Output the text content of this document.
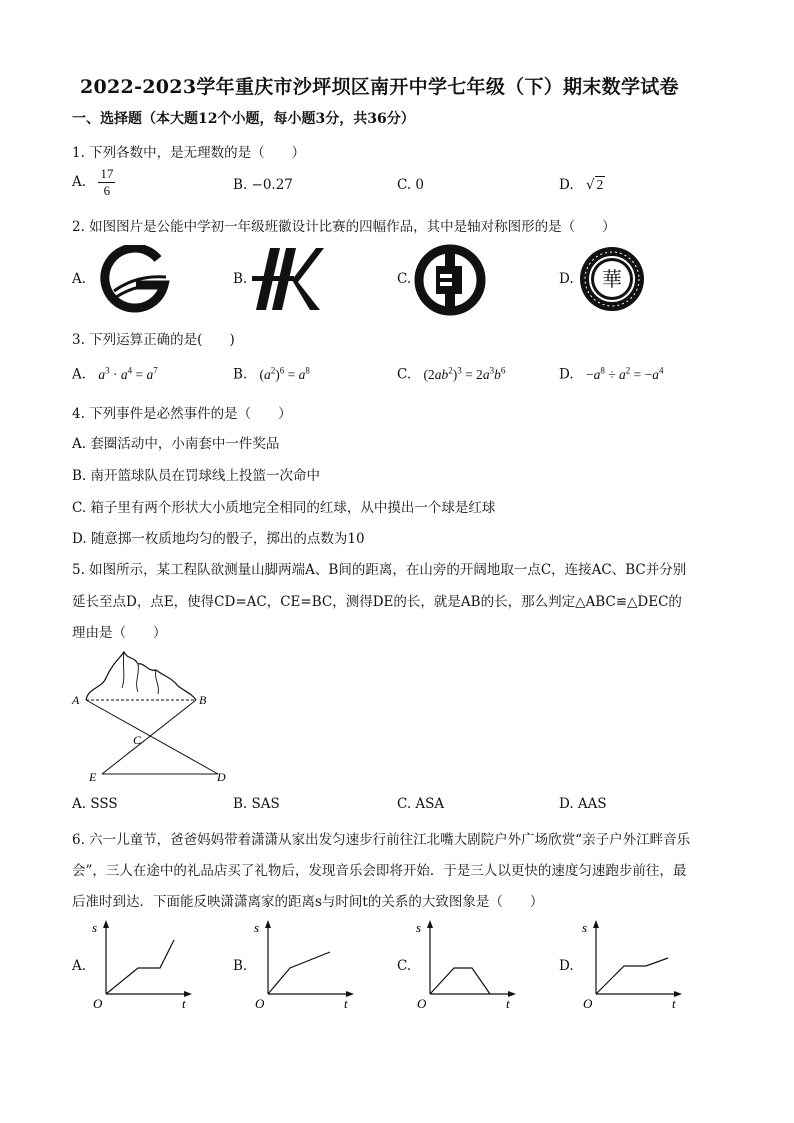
2022-2023学年重庆市沙坪坝区南开中学七年级（下）期末数学试卷
一、选择题（本大题12个小题，每小题3分，共36分）
1. 下列各数中，是无理数的是（　　）
A. $\frac{17}{6}$	B. −0.27	C. 0	D. √ 2
2. 如图图片是公能中学初一年级班徽设计比赛的四幅作品，其中是轴对称图形的是（　　）
A.	B.	C.	D. 華
3. 下列运算正确的是(　　)
A. $a^3 \cdot a^4 = a^7$	B. $(a^2)^6 = a^8$	C. $(2ab^2)^3 = 2a^3b^6$	D. $-a^8 \div a^2 = -a^4$
4. 下列事件是必然事件的是（　　）
A. 套圈活动中，小南套中一件奖品
B. 南开篮球队员在罚球线上投篮一次命中
C. 箱子里有两个形状大小质地完全相同的红球，从中摸出一个球是红球
D. 随意掷一枚质地均匀的骰子，掷出的点数为10
5. 如图所示，某工程队欲测量山脚两端A、B间的距离，在山旁的开阔地取一点C，连接AC、BC并分别
延长至点D，点E，使得CD=AC，CE=BC，测得DE的长，就是AB的长，那么判定△ABC≌△DEC的
理由是（　　）
A	B
C
E	D
A. SSS	B. SAS	C. ASA	D. AAS
6. 六一儿童节，爸爸妈妈带着潇潇从家出发匀速步行前往江北嘴大剧院户外广场欣赏“亲子户外江畔音乐
会”，三人在途中的礼品店买了礼物后，发现音乐会即将开始．于是三人以更快的速度匀速跑步前往，最
后准时到达．下面能反映潇潇离家的距离s与时间t的关系的大致图象是（　　）
A.	B.	C.	D.
s
t
O
s
t
O
s
t
O
s
t
O
